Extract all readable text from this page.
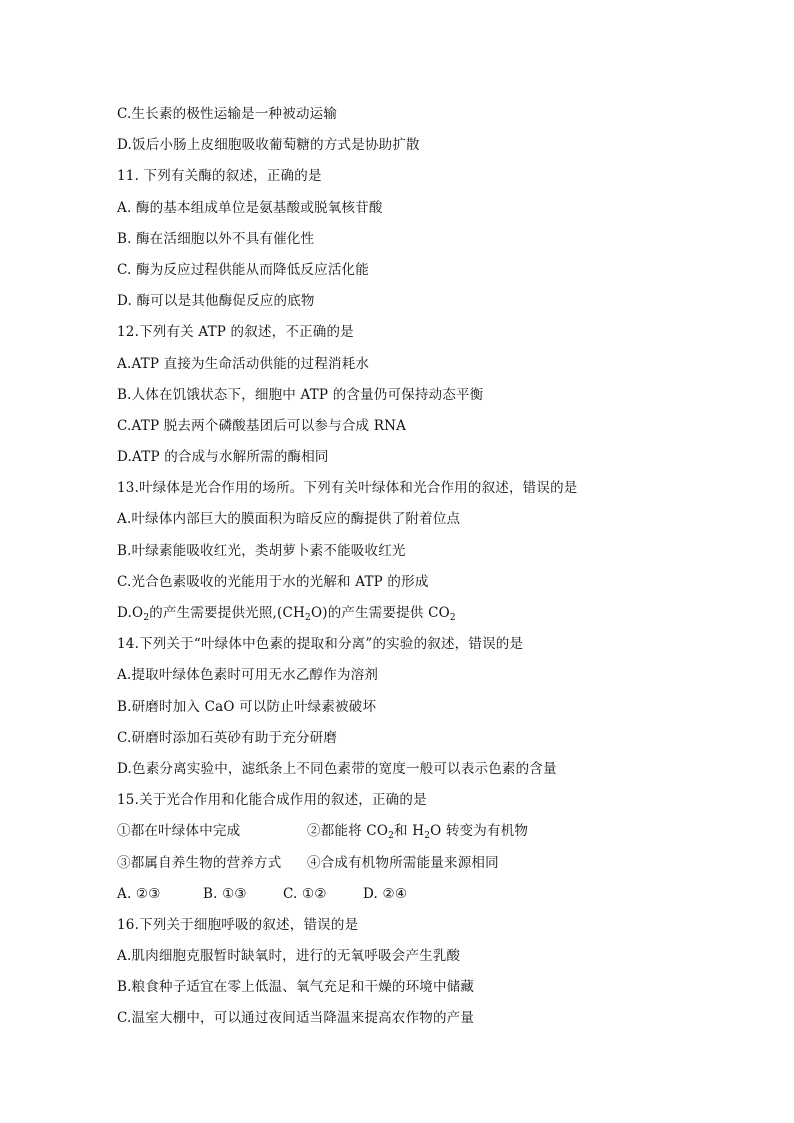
C.生长素的极性运输是一种被动运输
D.饭后小肠上皮细胞吸收葡萄糖的方式是协助扩散
11. 下列有关酶的叙述，正确的是
A. 酶的基本组成单位是氨基酸或脱氧核苷酸
B. 酶在活细胞以外不具有催化性
C. 酶为反应过程供能从而降低反应活化能
D. 酶可以是其他酶促反应的底物
12.下列有关 ATP 的叙述，不正确的是
A.ATP 直接为生命活动供能的过程消耗水
B.人体在饥饿状态下，细胞中 ATP 的含量仍可保持动态平衡
C.ATP 脱去两个磷酸基团后可以参与合成 RNA
D.ATP 的合成与水解所需的酶相同
13.叶绿体是光合作用的场所。下列有关叶绿体和光合作用的叙述，错误的是
A.叶绿体内部巨大的膜面积为暗反应的酶提供了附着位点
B.叶绿素能吸收红光，类胡萝卜素不能吸收红光
C.光合色素吸收的光能用于水的光解和 ATP 的形成
$D.O_2$的产生需要提供光照$,(CH_2O)$的产生需要提供 $CO_2$
14.下列关于“叶绿体中色素的提取和分离”的实验的叙述，错误的是
A.提取叶绿体色素时可用无水乙醇作为溶剂
B.研磨时加入 CaO 可以防止叶绿素被破坏
C.研磨时添加石英砂有助于充分研磨
D.色素分离实验中，滤纸条上不同色素带的宽度一般可以表示色素的含量
15.关于光合作用和化能合成作用的叙述，正确的是
①都在叶绿体中完成	②都能将 $CO_2$和 $H_2O$ 转变为有机物
③都属自养生物的营养方式	④合成有机物所需能量来源相同
A. ②③	B. ①③	C. ①②	D. ②④
16.下列关于细胞呼吸的叙述，错误的是
A.肌肉细胞克服暂时缺氧时，进行的无氧呼吸会产生乳酸
B.粮食种子适宜在零上低温、氧气充足和干燥的环境中储藏
C.温室大棚中，可以通过夜间适当降温来提高农作物的产量
